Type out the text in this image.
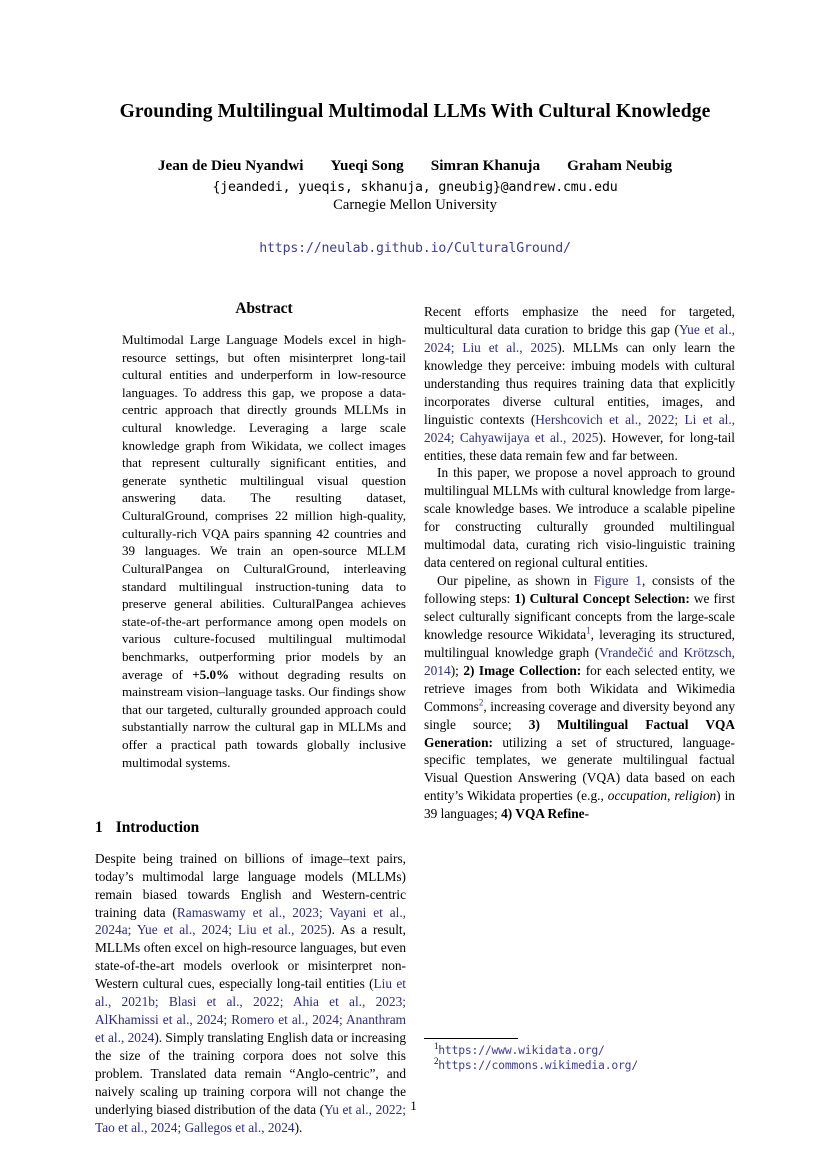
Grounding Multilingual Multimodal LLMs With Cultural Knowledge
Jean de Dieu Nyandwi Yueqi Song Simran Khanuja Graham Neubig
{jeandedi, yueqis, skhanuja, gneubig}@andrew.cmu.edu
Carnegie Mellon University
https://neulab.github.io/CulturalGround/
Abstract

Multimodal Large Language Models excel in high-resource settings, but often misinterpret long-tail cultural entities and underperform in low-resource languages. To address this gap, we propose a data-centric approach that directly grounds MLLMs in cultural knowledge. Leveraging a large scale knowledge graph from Wikidata, we collect images that represent culturally significant entities, and generate synthetic multilingual visual question answering data. The resulting dataset, CulturalGround, comprises 22 million high-quality, culturally-rich VQA pairs spanning 42 countries and 39 languages. We train an open-source MLLM CulturalPangea on CulturalGround, interleaving standard multilingual instruction-tuning data to preserve general abilities. CulturalPangea achieves state-of-the-art performance among open models on various culture-focused multilingual multimodal benchmarks, outperforming prior models by an average of +5.0% without degrading results on mainstream vision–language tasks. Our findings show that our targeted, culturally grounded approach could substantially narrow the cultural gap in MLLMs and offer a practical path towards globally inclusive multimodal systems.

1 Introduction

Despite being trained on billions of image–text pairs, today’s multimodal large language models (MLLMs) remain biased towards English and Western-centric training data (Ramaswamy et al., 2023; Vayani et al., 2024a; Yue et al., 2024; Liu et al., 2025). As a result, MLLMs often excel on high-resource languages, but even state-of-the-art models overlook or misinterpret non-Western cultural cues, especially long-tail entities (Liu et al., 2021b; Blasi et al., 2022; Ahia et al., 2023; AlKhamissi et al., 2024; Romero et al., 2024; Ananthram et al., 2024). Simply translating English data or increasing the size of the training corpora does not solve this problem. Translated data remain “Anglo-centric”, and naively scaling up training corpora will not change the underlying biased distribution of the data (Yu et al., 2022; Tao et al., 2024; Gallegos et al., 2024).

Recent efforts emphasize the need for targeted, multicultural data curation to bridge this gap (Yue et al., 2024; Liu et al., 2025). MLLMs can only learn the knowledge they perceive: imbuing models with cultural understanding thus requires training data that explicitly incorporates diverse cultural entities, images, and linguistic contexts (Hershcovich et al., 2022; Li et al., 2024; Cahyawijaya et al., 2025). However, for long-tail entities, these data remain few and far between.

In this paper, we propose a novel approach to ground multilingual MLLMs with cultural knowledge from large-scale knowledge bases. We introduce a scalable pipeline for constructing culturally grounded multilingual multimodal data, curating rich visio-linguistic training data centered on regional cultural entities.

Our pipeline, as shown in Figure 1, consists of the following steps: 1) Cultural Concept Selection: we first select culturally significant concepts from the large-scale knowledge resource Wikidata$^1$, leveraging its structured, multilingual knowledge graph (Vrandečić and Krötzsch, 2014); 2) Image Collection: for each selected entity, we retrieve images from both Wikidata and Wikimedia Commons$^2$, increasing coverage and diversity beyond any single source; 3) Multilingual Factual VQA Generation: utilizing a set of structured, language-specific templates, we generate multilingual factual Visual Question Answering (VQA) data based on each entity’s Wikidata properties (e.g., occupation, religion) in 39 languages; 4) VQA Refine-

$^1$https://www.wikidata.org/
$^2$https://commons.wikimedia.org/
1
